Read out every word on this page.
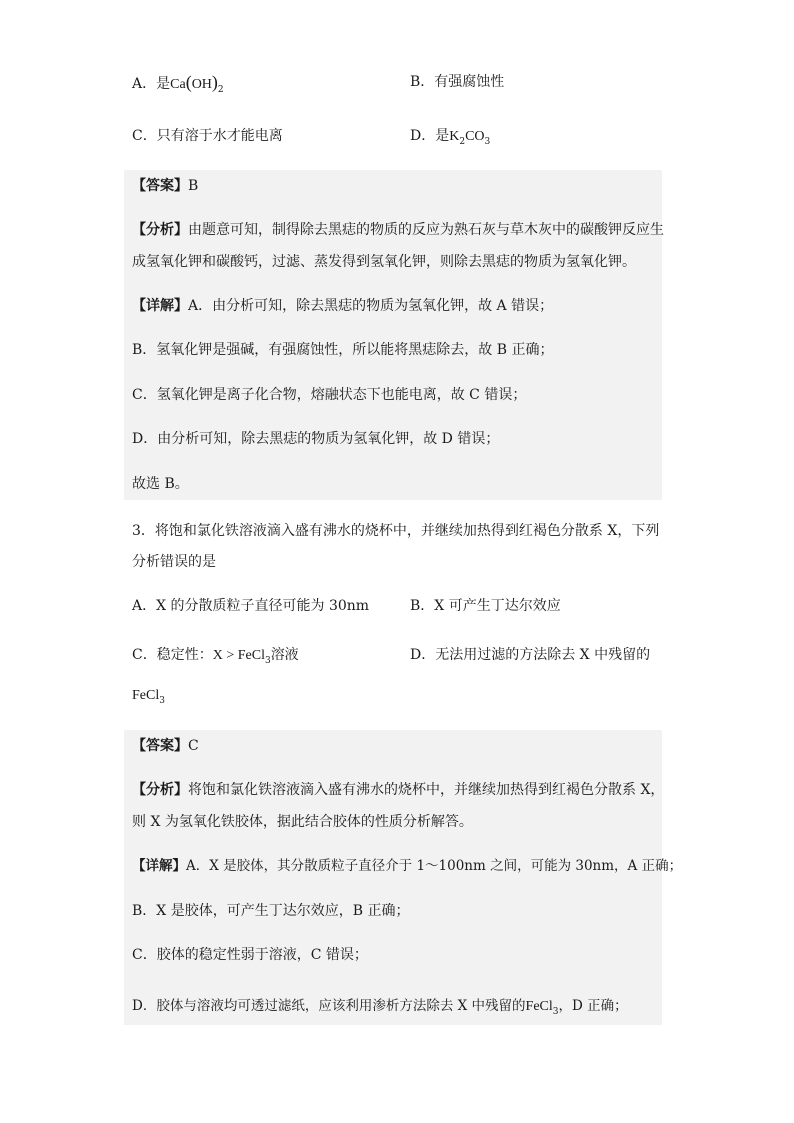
A．是$Ca(OH)_2$	B．有强腐蚀性
C．只有溶于水才能电离	D．是$K_2CO_3$
【答案】B
【分析】由题意可知，制得除去黑痣的物质的反应为熟石灰与草木灰中的碳酸钾反应生
成氢氧化钾和碳酸钙，过滤、蒸发得到氢氧化钾，则除去黑痣的物质为氢氧化钾。
【详解】A．由分析可知，除去黑痣的物质为氢氧化钾，故 A 错误；
B．氢氧化钾是强碱，有强腐蚀性，所以能将黑痣除去，故 B 正确；
C．氢氧化钾是离子化合物，熔融状态下也能电离，故 C 错误；
D．由分析可知，除去黑痣的物质为氢氧化钾，故 D 错误；
故选 B。
3．将饱和氯化铁溶液滴入盛有沸水的烧杯中，并继续加热得到红褐色分散系 X，下列
分析错误的是
A．X 的分散质粒子直径可能为 30nm	B．X 可产生丁达尔效应
C．稳定性：X > FeCl$_3$溶液	D．无法用过滤的方法除去 X 中残留的
FeCl$_3$
【答案】C
【分析】将饱和氯化铁溶液滴入盛有沸水的烧杯中，并继续加热得到红褐色分散系 X，
则 X 为氢氧化铁胶体，据此结合胶体的性质分析解答。
【详解】A．X 是胶体，其分散质粒子直径介于 1～100nm 之间，可能为 30nm，A 正确；
B．X 是胶体，可产生丁达尔效应，B 正确；
C．胶体的稳定性弱于溶液，C 错误；
D．胶体与溶液均可透过滤纸，应该利用渗析方法除去 X 中残留的FeCl$_3$，D 正确；
